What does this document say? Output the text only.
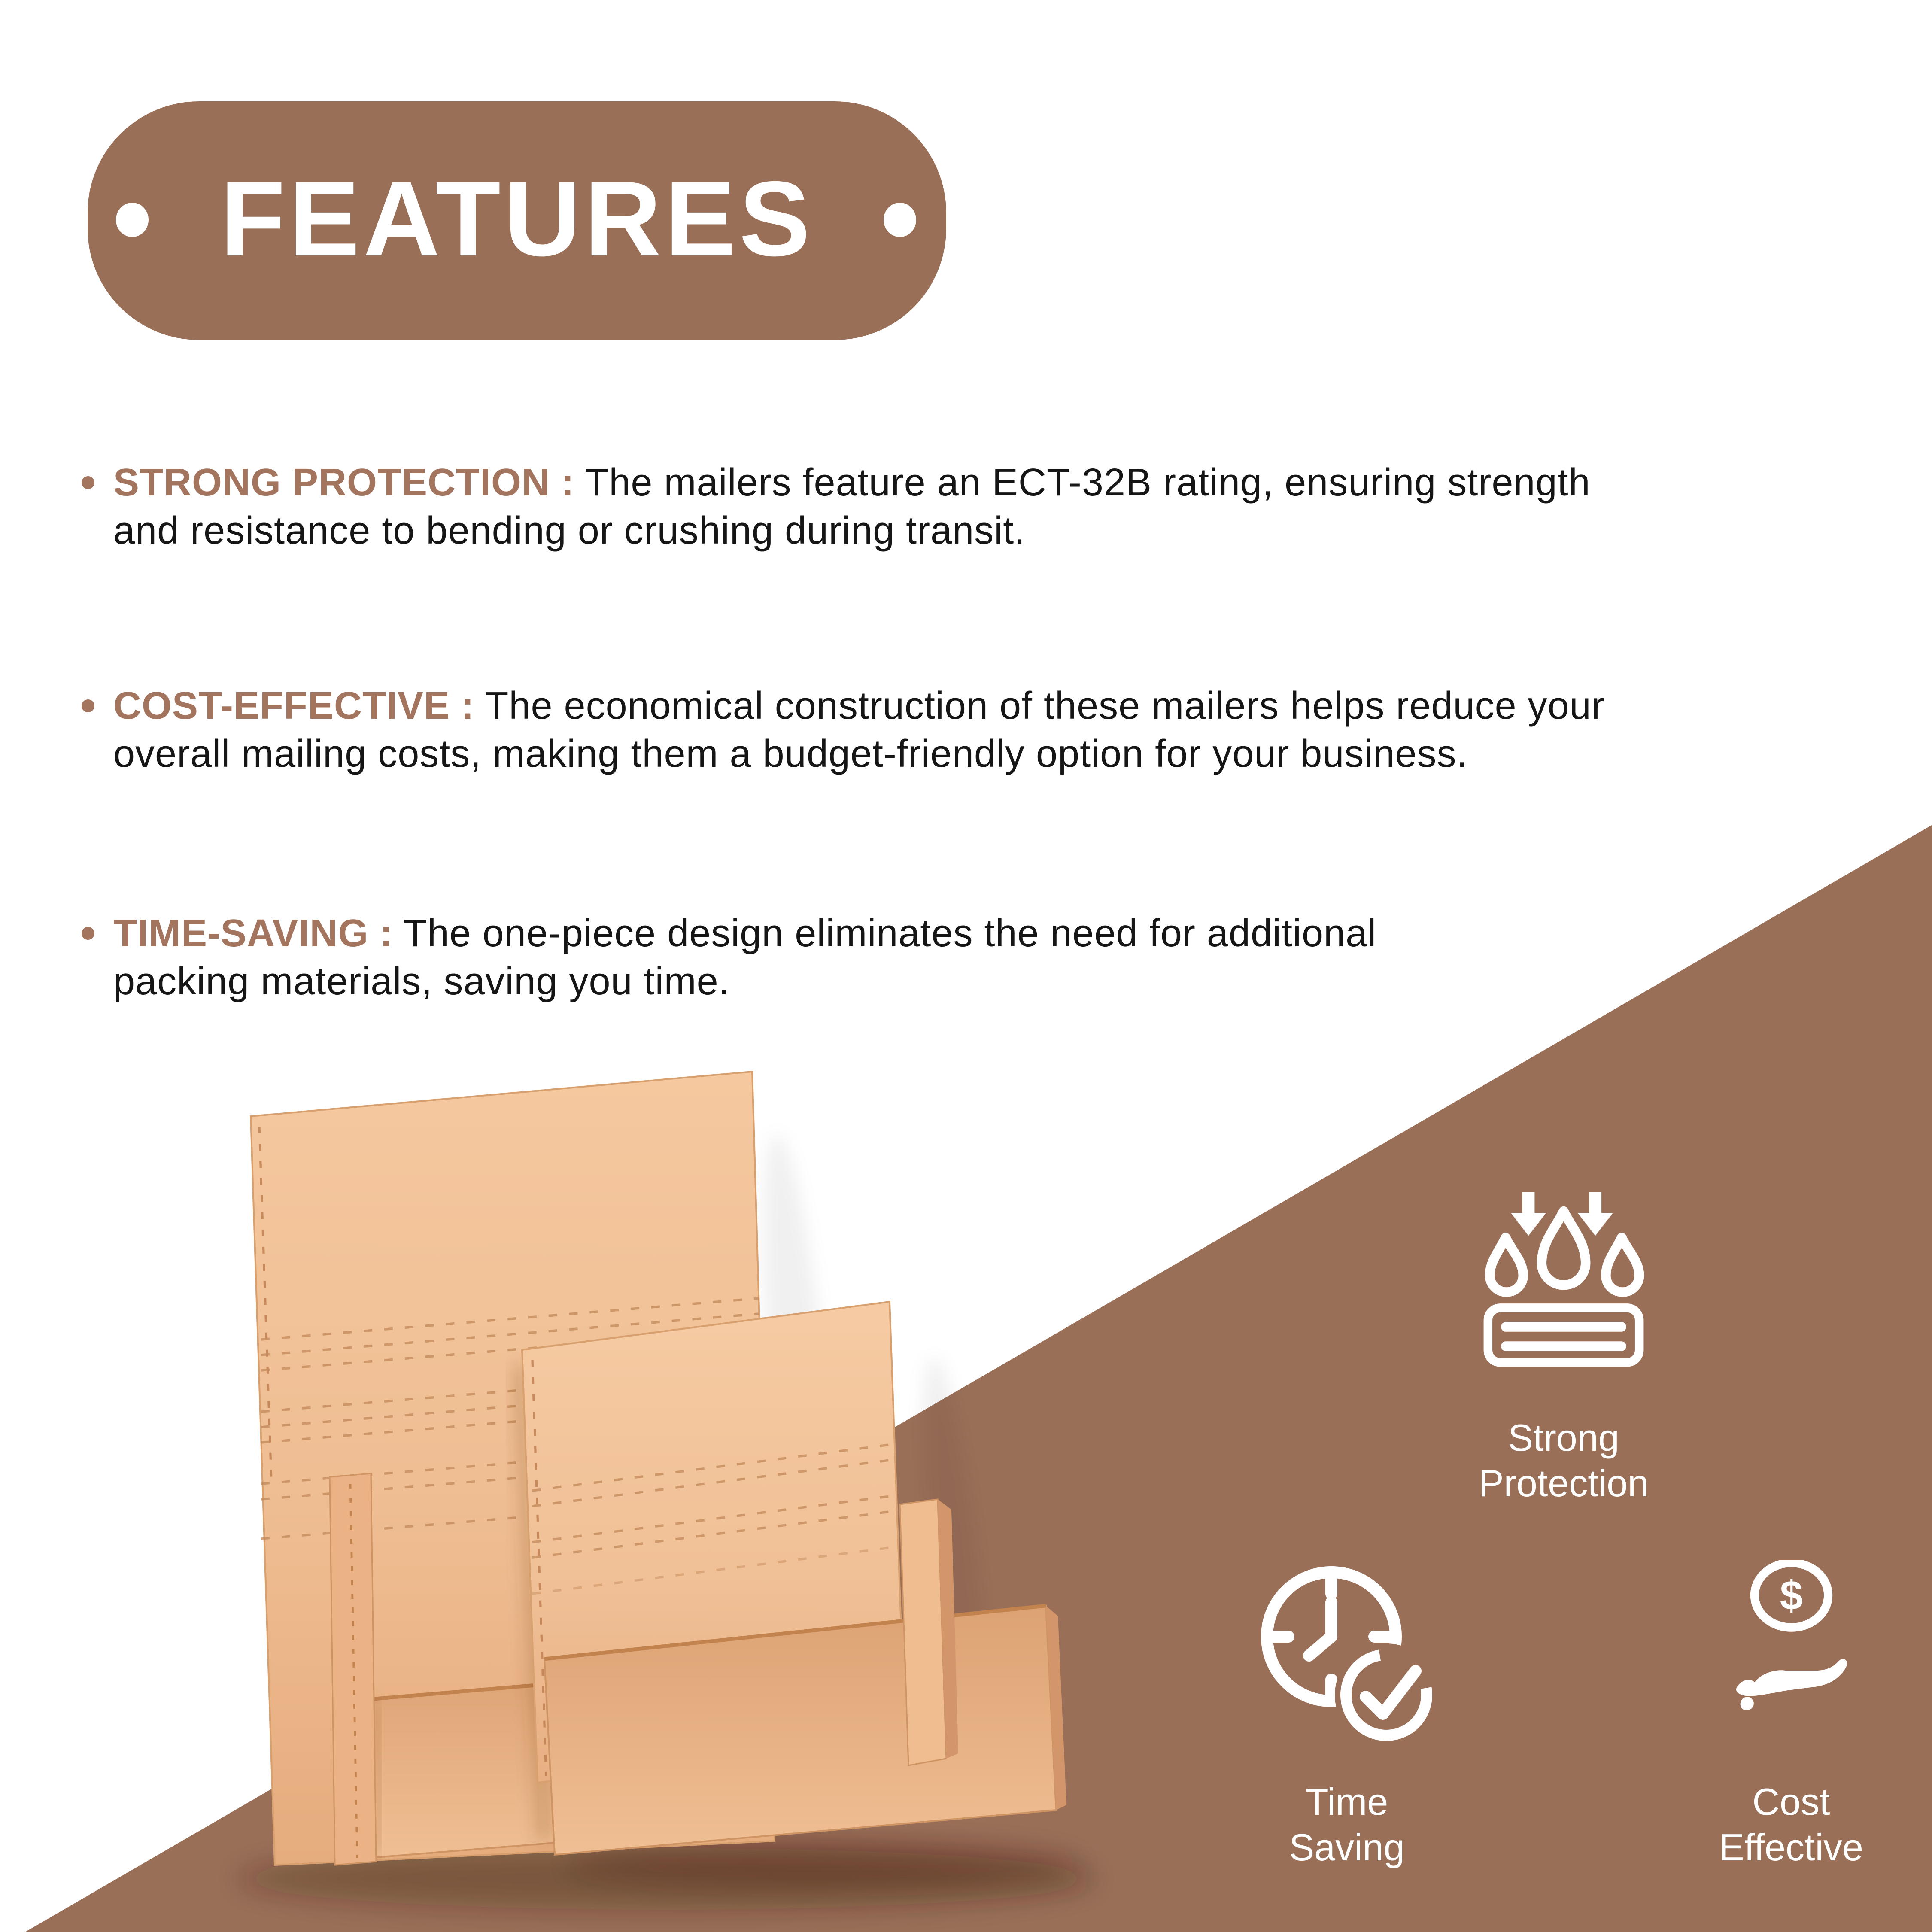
FEATURES
STRONG PROTECTION : The mailers feature an ECT-32B rating, ensuring strength
and resistance to bending or crushing during transit.
COST-EFFECTIVE : The economical construction of these mailers helps reduce your
overall mailing costs, making them a budget-friendly option for your business.
TIME-SAVING : The one-piece design eliminates the need for additional
packing materials, saving you time.
Strong
Protection
Time
Saving
$
Cost
Effective
